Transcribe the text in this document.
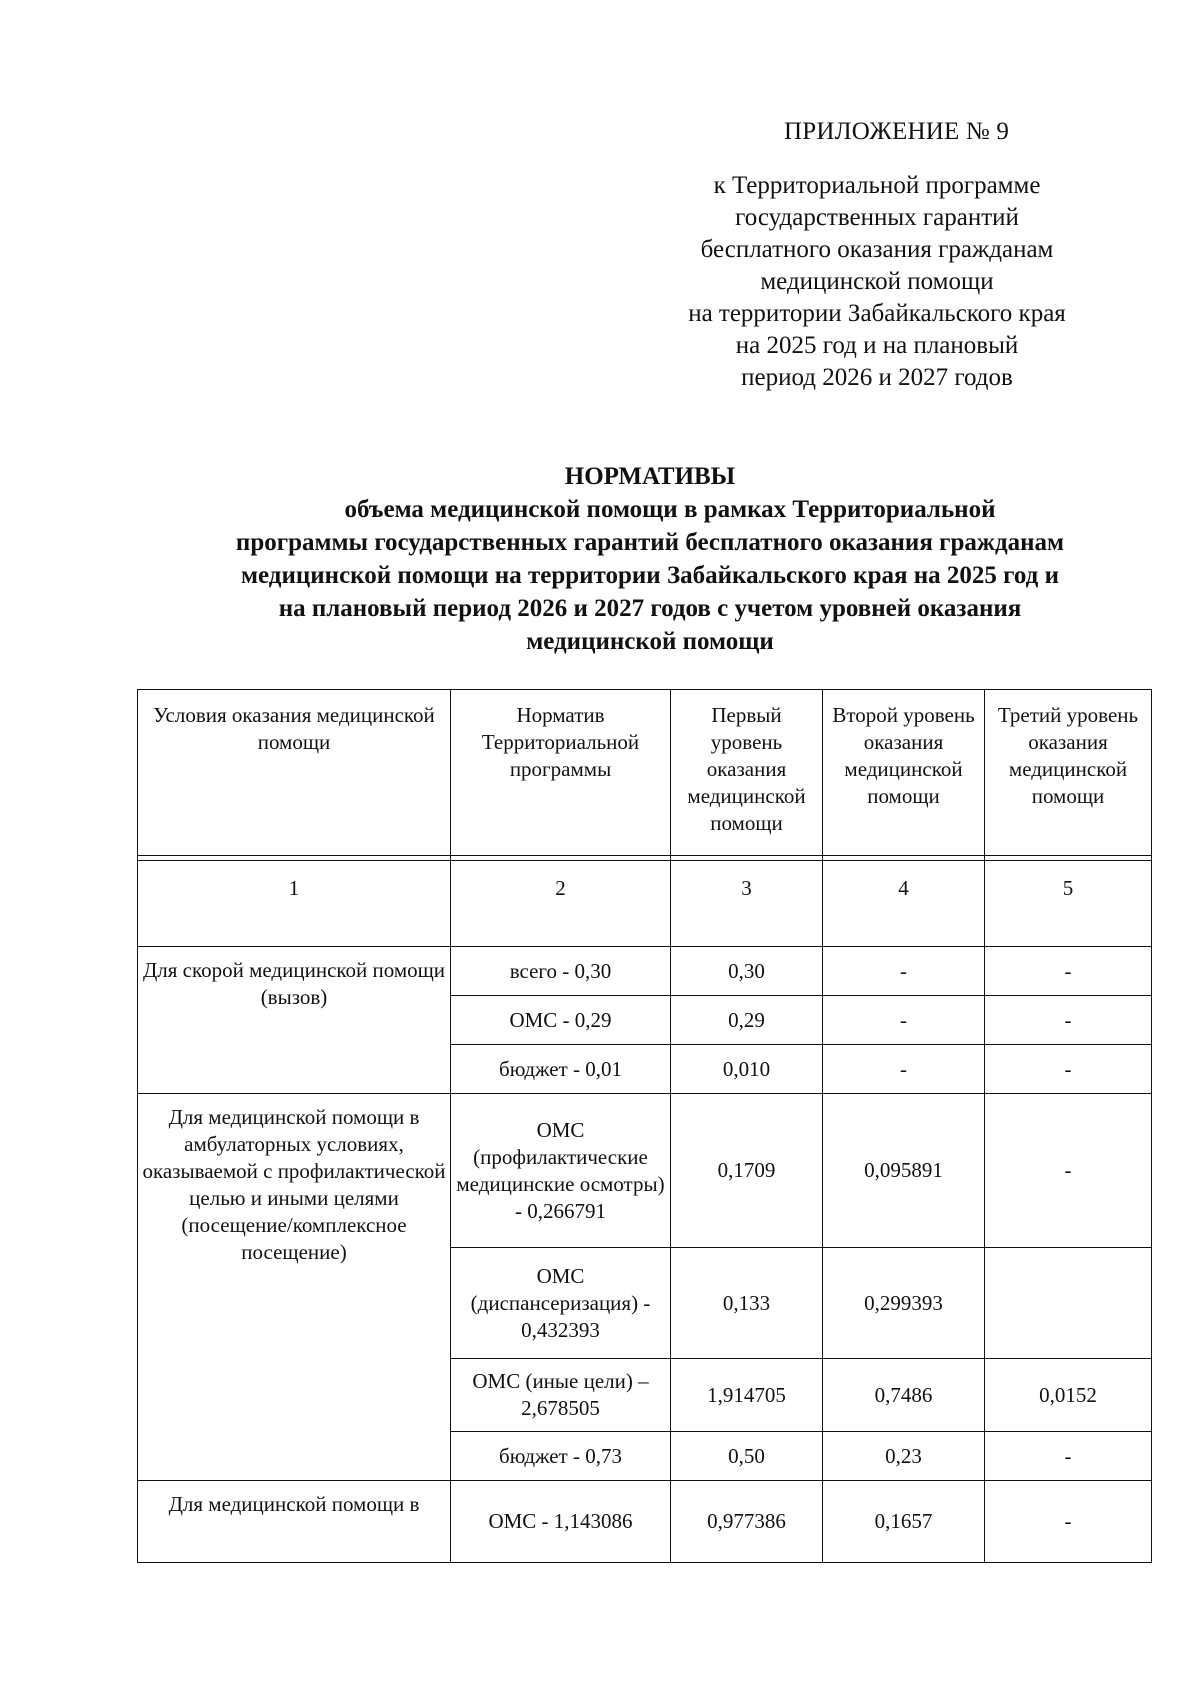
ПРИЛОЖЕНИЕ № 9
к Территориальной программе
государственных гарантий
бесплатного оказания гражданам
медицинской помощи
на территории Забайкальского края
на 2025 год и на плановый
период 2026 и 2027 годов
НОРМАТИВЫ
объема медицинской помощи в рамках Территориальной
программы государственных гарантий бесплатного оказания гражданам
медицинской помощи на территории Забайкальского края на 2025 год и
на плановый период 2026 и 2027 годов с учетом уровней оказания
медицинской помощи
Условия оказания медицинской помощи	Норматив Территориальной программы	Первый уровень оказания медицинской помощи	Второй уровень оказания медицинской помощи	Третий уровень оказания медицинской помощи

1	2	3	4	5
Для скорой медицинской помощи (вызов)	всего - 0,30	0,30	-	-
	ОМС - 0,29	0,29	-	-
	бюджет - 0,01	0,010	-	-
Для медицинской помощи в амбулаторных условиях, оказываемой с профилактической целью и иными целями (посещение/комплексное посещение)	ОМС (профилактические медицинские осмотры) - 0,266791	0,1709	0,095891	-
	ОМС (диспансеризация) - 0,432393	0,133	0,299393	
	ОМС (иные цели) – 2,678505	1,914705	0,7486	0,0152
	бюджет - 0,73	0,50	0,23	-
Для медицинской помощи в	ОМС - 1,143086	0,977386	0,1657	-
